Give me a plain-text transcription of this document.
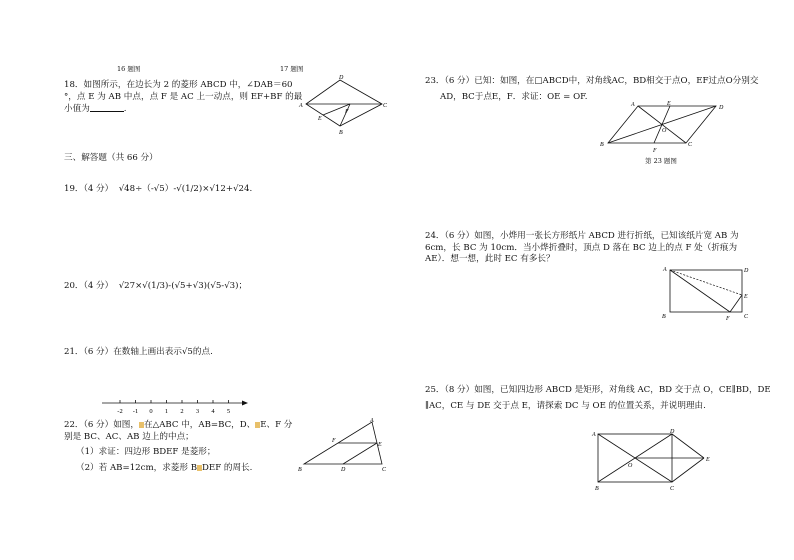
16 题图	17 题图
18．如图所示，在边长为 2 的菱形 ABCD 中，∠DAB＝60
°，点 E 为 AB 中点，点 F 是 AC 上一动点，则 EF+BF 的最
小值为	.	A
D
C
B
E
F
三、解答题（共 66 分）
19．（4 分） √48÷（-√5）-√(1/2)×√12+√24.
20．（4 分） √27×√(1/3)-(√5+√3)(√5-√3)；
21．（6 分）在数轴上画出表示√5的点.
-2 -1 0 1 2 3 4 5
22．（6 分）如图， 在△ABC 中，AB=BC，D、 E、F 分
别是 BC、AC、AB 边上的中点；
（1）求证：四边形 BDEF 是菱形；
（2）若 AB=12cm，求菱形 B DEF 的周长.
A
F
E
B	D	C
23．（6 分）已知：如图，在□ABCD中，对角线AC，BD相交于点O，EF过点O分别交
AD，BC于点E，F．求证：OE = OF.
A	E
D
O
B
F
C
第 23 题图
24．（6 分）如图，小烨用一张长方形纸片 ABCD 进行折纸，已知该纸片宽 AB 为
6cm，长 BC 为 10cm．当小烨折叠时，顶点 D 落在 BC 边上的点 F 处（折痕为
AE）．想一想，此时 EC 有多长？
A	D
E
B	F C
25．（8 分）如图，已知四边形 ABCD 是矩形，对角线 AC，BD 交于点 O，CE∥BD，DE
∥AC，CE 与 DE 交于点 E，请探索 DC 与 OE 的位置关系，并说明理由.
A	D
O
E
B	C
